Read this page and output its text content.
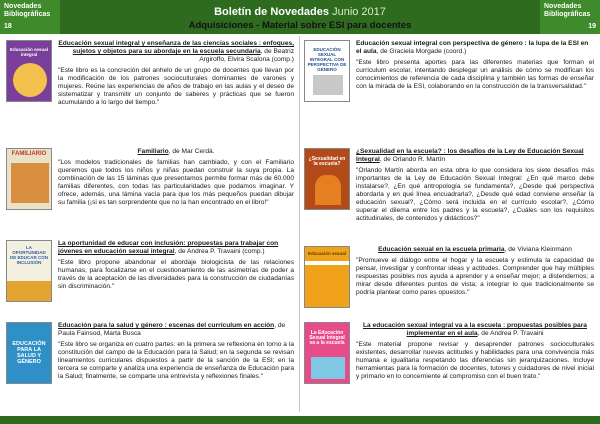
Novedades Bibliográficas
18
Novedades Bibliográficas
19
Boletín de Novedades Junio 2017
Adquisiciones - Material sobre ESI para docentes
Educación sexual integral
Educación sexual integral y enseñanza de las ciencias sociales : enfoques, sujetos y objetos para su abordaje en la escuela secundaria, de Beatriz Argiroffo, Elvira Scalona (comp.)
"Este libro es la concreción del anhelo de un grupo de docentes que llevan por la modificación de los patrones socioculturales dominantes de varones y mujeres. Reúne las experiencias de años de trabajo en las aulas y el deseo de sistematizar y transmitir un conjunto de saberes y prácticas que se fueron acumulando a lo largo del tiempo."
FAMILIARIO	Familiario, de Mar Cerdá.
"Los modelos tradicionales de familias han cambiado, y con el Familiario queremos que todos los niños y niñas puedan construir la suya propia. La combinación de las 15 láminas que presentamos permite formar más de 60.000 familias diferentes, con todas las particularidades que podamos imaginar. Y ofrece, además, una lámina vacía para que los más pequeños puedan dibujar su familia (¡si es tan sorprendente que no la han encontrado en el libro!"
LA OPORTUNIDAD DE EDUCAR CON INCLUSIÓN
La oportunidad de educar con inclusión: propuestas para trabajar con jóvenes en educación sexual integral, de Andrea P. Travaini (comp.)
"Este libro propone abandonar el abordaje biologicista de las relaciones humanas, para focalizarse en el cuestionamiento de las asimetrías de poder a través de la aceptación de las diversidades para la construcción de ciudadanías sin discriminación."
EDUCACIÓN PARA LA SALUD Y GÉNERO
Educación para la salud y género : escenas del currículum en acción, de Paula Fainsod, Marta Busca
"Este libro se organiza en cuatro partes: en la primera se reflexiona en torno a la constitución del campo de la Educación para la Salud; en la segunda se revisan lineamientos curriculares dispuestos a partir de la sanción de la ESI; en la tercera se comparte y analiza una experiencia de enseñanza de Educación para la Salud; finalmente, se comparte una entrevista y reflexiones finales."
EDUCACIÓN SEXUAL INTEGRAL CON PERSPECTIVA DE GÉNERO
Educación sexual integral con perspectiva de género : la lupa de la ESI en el aula, de Graciela Morgade (coord.)
"Este libro presenta aportes para las diferentes materias que forman el curriculum escolar, intentando desplegar un análisis de cómo se modifican los conocimientos de referencia de cada disciplina y también las formas de enseñar con la mirada de la ESI, colaborando en la construcción de la transversalidad."
¿Sexualidad en la escuela?
¿Sexualidad en la escuela? : los desafíos de la Ley de Educación Sexual Integral, de Orlando R. Martín
"Orlando Martín aborda en esta obra lo que considera los siete desafíos más importantes de la Ley de Educación Sexual Integral: ¿En qué marco debe instalarse?, ¿En qué antropología se fundamenta?, ¿Desde qué perspectiva abordarla y en qué línea encuadrarla?, ¿Desde qué edad conviene enseñar la educación sexual?, ¿Cómo será incluida en el currículo escolar?, ¿Cómo superar el dilema entre los padres y la escuela?, ¿Cuáles son los requisitos actitudinales, de contenidos y didácticos?"
Educación sexual
Educación sexual en la escuela primaria, de Viviana Kleinmann
"Promueve el diálogo entre el hogar y la escuela y estimula la capacidad de pensar, investigar y confrontar ideas y actitudes. Comprender que hay múltiples respuestas posibles nos ayuda a aprender y a enseñar mejor; a distendernos; a mirar desde diferentes puntos de vista; a integrar lo que tradicionalmente se podría plantear como pares opuestos."
La Educación Sexual Integral va a la escuela
La educación sexual integral va a la escuela : propuestas posibles para implementar en el aula, de Andrea P. Travaini
"Este material propone revisar y desaprender patrones socioculturales existentes, desarrollar nuevas actitudes y habilidades para una convivencia más humana e igualitaria respetando las diferencias sin jerarquizaciones. Incluye herramientas para la formación de docentes, tutores y cuidadores de nivel inicial y primario en lo concerniente al compromiso con el buen trato."
